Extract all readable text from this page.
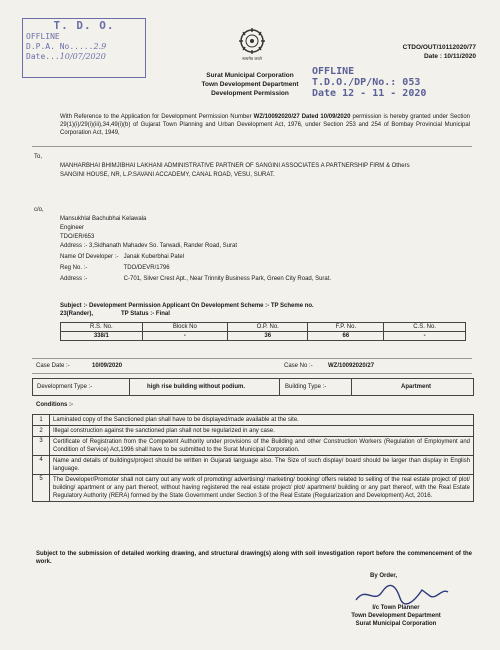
T. D. O.
OFFLINE
D.P.A. No.....2.9
Date...10/07/2020	सत्यमेव जयते
CTDO/OUT/10112020/77
Date : 10/11/2020
Surat Municipal Corporation
Town Development Department
Development Permission
OFFLINE
T.D.O./DP/No.: 053
Date 12 - 11 - 2020
With Reference to the Application for Development Permission Number WZ/10092020/27 Dated 10/09/2020 permission is hereby granted under Section 29(1)(i)/29(i)(iii),34,49(i)(b) of Gujarat Town Planning and Urban Development Act, 1976, under Section 253 and 254 of Bombay Provincial Municipal Corporation Act, 1949,
To,
MANHARBHAI BHIMJIBHAI LAKHANI ADMINISTRATIVE PARTNER OF SANGINI ASSOCIATES A PARTNERSHIP FIRM & Others
SANGINI HOUSE, NR, L.P.SAVANI ACCADEMY, CANAL ROAD, VESU, SURAT.
c/o,
Mansukhlal Bachubhai Kelawala
Engineer
TDO/ER/653
Address :- 3,Sidhanath Mahadev So. Tarwadi, Rander Road, Surat
Name Of Developer :- Janak Kuberbhai Patel
Reg No. :-	TDO/DEVR/1796
Address :-	C-701, Silver Crest Apt., Near Trinnity Business Park, Green City Road, Surat.
Subject :- Development Permission Applicant On Development Scheme :- TP Scheme no.
23(Rander),	TP Status :- Final
R.S. No.	Block No	O.P. No.	F.P. No.	C.S. No.
338/1	-	36	66	-
Case Date :-	10/09/2020	Case No :-	WZ/10092020/27
Development Type :-	high rise building without podium.	Building Type :-	Apartment
Conditions :-
1	Laminated copy of the Sanctioned plan shall have to be displayed/made available at the site.
2	Illegal construction against the sanctioned plan shall not be regularized in any case.
3	Certificate of Registration from the Competent Authority under provisions of the Building and other Construction Workers (Regulation of Employment and Condition of Service) Act,1996 shall have to be submitted to the Surat Municipal Corporation.
4	Name and details of buildings/project should be written in Gujarati language also. The Size of such display/ board should be larger than display in English language.
5	The Developer/Promoter shall not carry out any work of promoting/ advertising/ marketing/ booking/ offers related to selling of the real estate project of plot/ building/ apartment or any part thereof, without having registered the real estate project/ plot/ apartment/ building or any part thereof, with the Real Estate Regulatory Authority (RERA) formed by the State Government under Section 3 of the Real Estate (Regularization and Development) Act, 2016.
Subject to the submission of detailed working drawing, and structural drawing(s) along with soil investigation report before the commencement of the work.
By Order,
I/c Town Planner
Town Development Department
Surat Municipal Corporation
